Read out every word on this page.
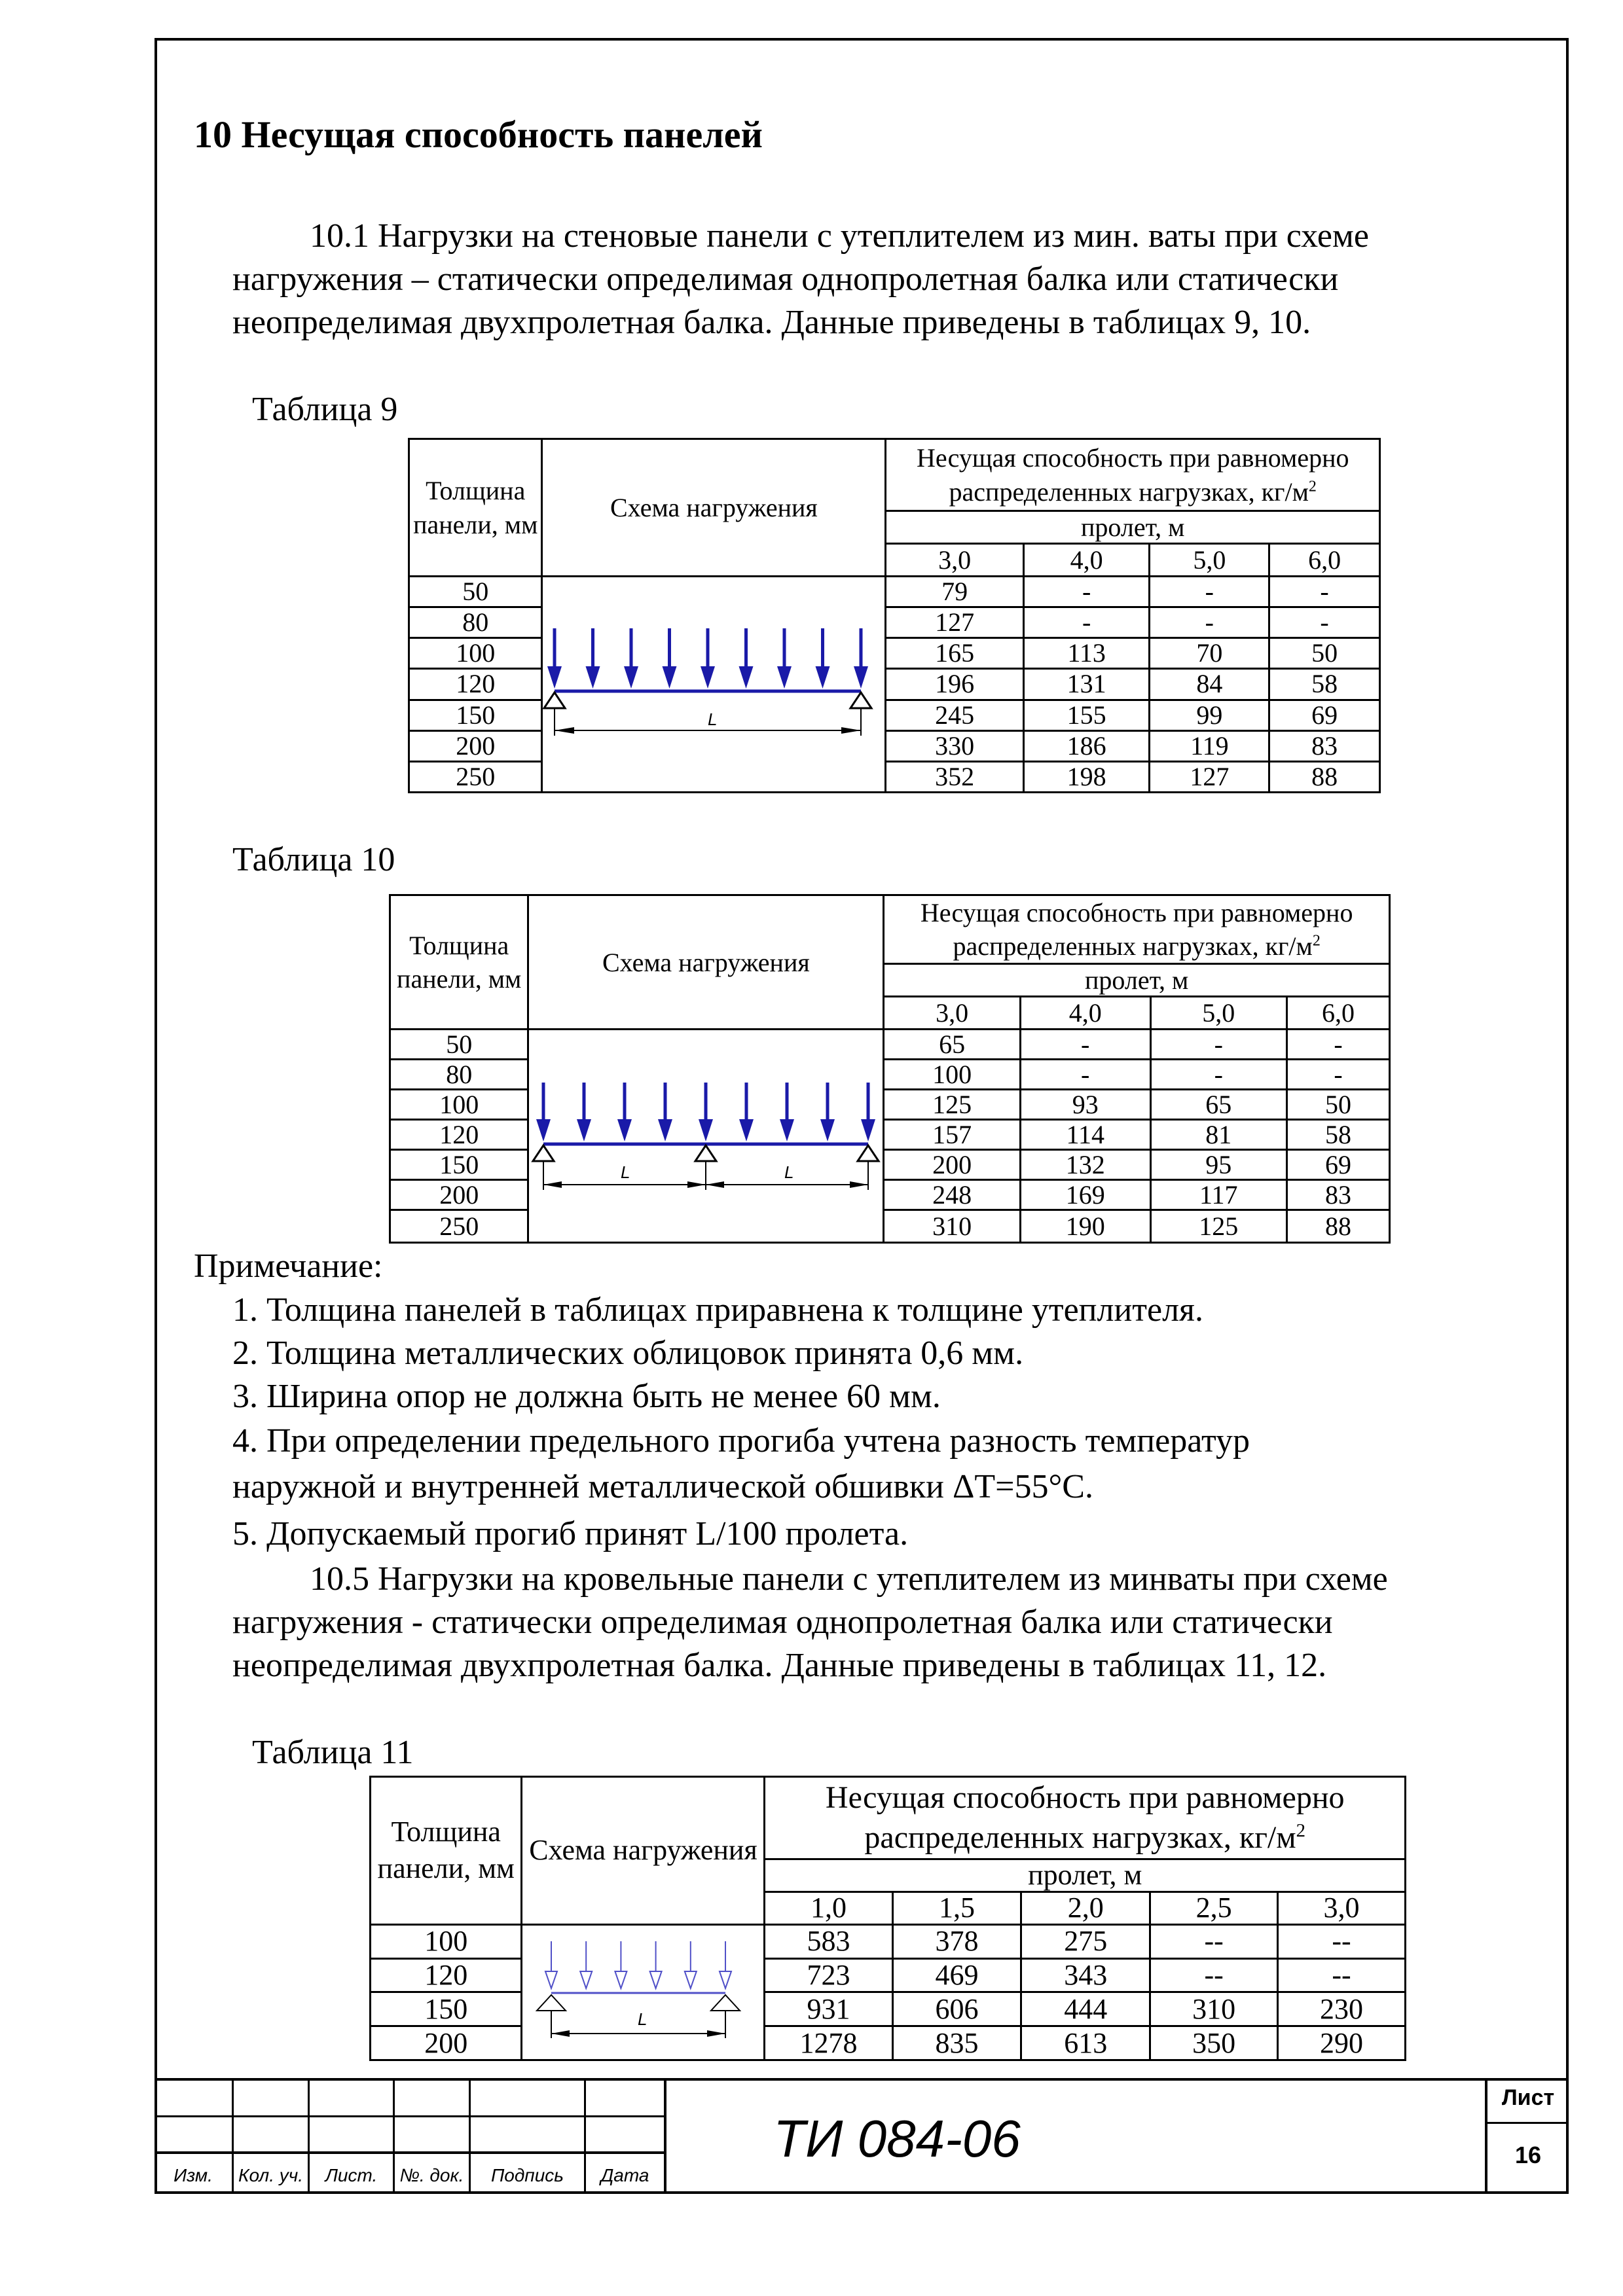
10 Несущая способность панелей
10.1 Нагрузки на стеновые панели с утеплителем из мин. ваты при схеме
нагружения – статически определимая однопролетная балка или статически
неопределимая двухпролетная балка. Данные приведены в таблицах 9, 10.
Таблица 9
Толщина панели, мм	Схема нагружения	Несущая способность при равномерно распределенных нагрузках, $кг/м^2$
		пролет, м			
		3,0	4,0	5,0	6,0
50	L	79	-	-	-
80		127	-	-	-
100		165	113	70	50
120		196	131	84	58
150		245	155	99	69
200		330	186	119	83
250		352	198	127	88
Таблица 10
Толщина панели, мм	Схема нагружения	Несущая способность при равномерно распределенных нагрузках, $кг/м^2$
		пролет, м			
		3,0	4,0	5,0	6,0
50	L L	65	-	-	-
80		100	-	-	-
100		125	93	65	50
120		157	114	81	58
150		200	132	95	69
200		248	169	117	83
250		310	190	125	88
Примечание:
1. Толщина панелей в таблицах приравнена к толщине утеплителя.
2. Толщина металлических облицовок принята 0,6 мм.
3. Ширина опор не должна быть не менее 60 мм.
4. При определении предельного прогиба учтена разность температур
наружной и внутренней металлической обшивки ΔT=55°C.
5. Допускаемый прогиб принят L/100 пролета.
10.5 Нагрузки на кровельные панели с утеплителем из минваты при схеме
нагружения - статически определимая однопролетная балка или статически
неопределимая двухпролетная балка. Данные приведены в таблицах 11, 12.
Таблица 11
Толщина панели, мм	Схема нагружения	Несущая способность при равномерно распределенных нагрузках, $кг/м^2$
		пролет, м				
		1,0	1,5	2,0	2,5	3,0
100	L	583	378	275	--	--
120		723	469	343	--	--
150		931	606	444	310	230
200		1278	835	613	350	290
Изм.	Кол. уч.	Лист.	№. док.	Подпись	Дата
ТИ 084-06
Лист
16
